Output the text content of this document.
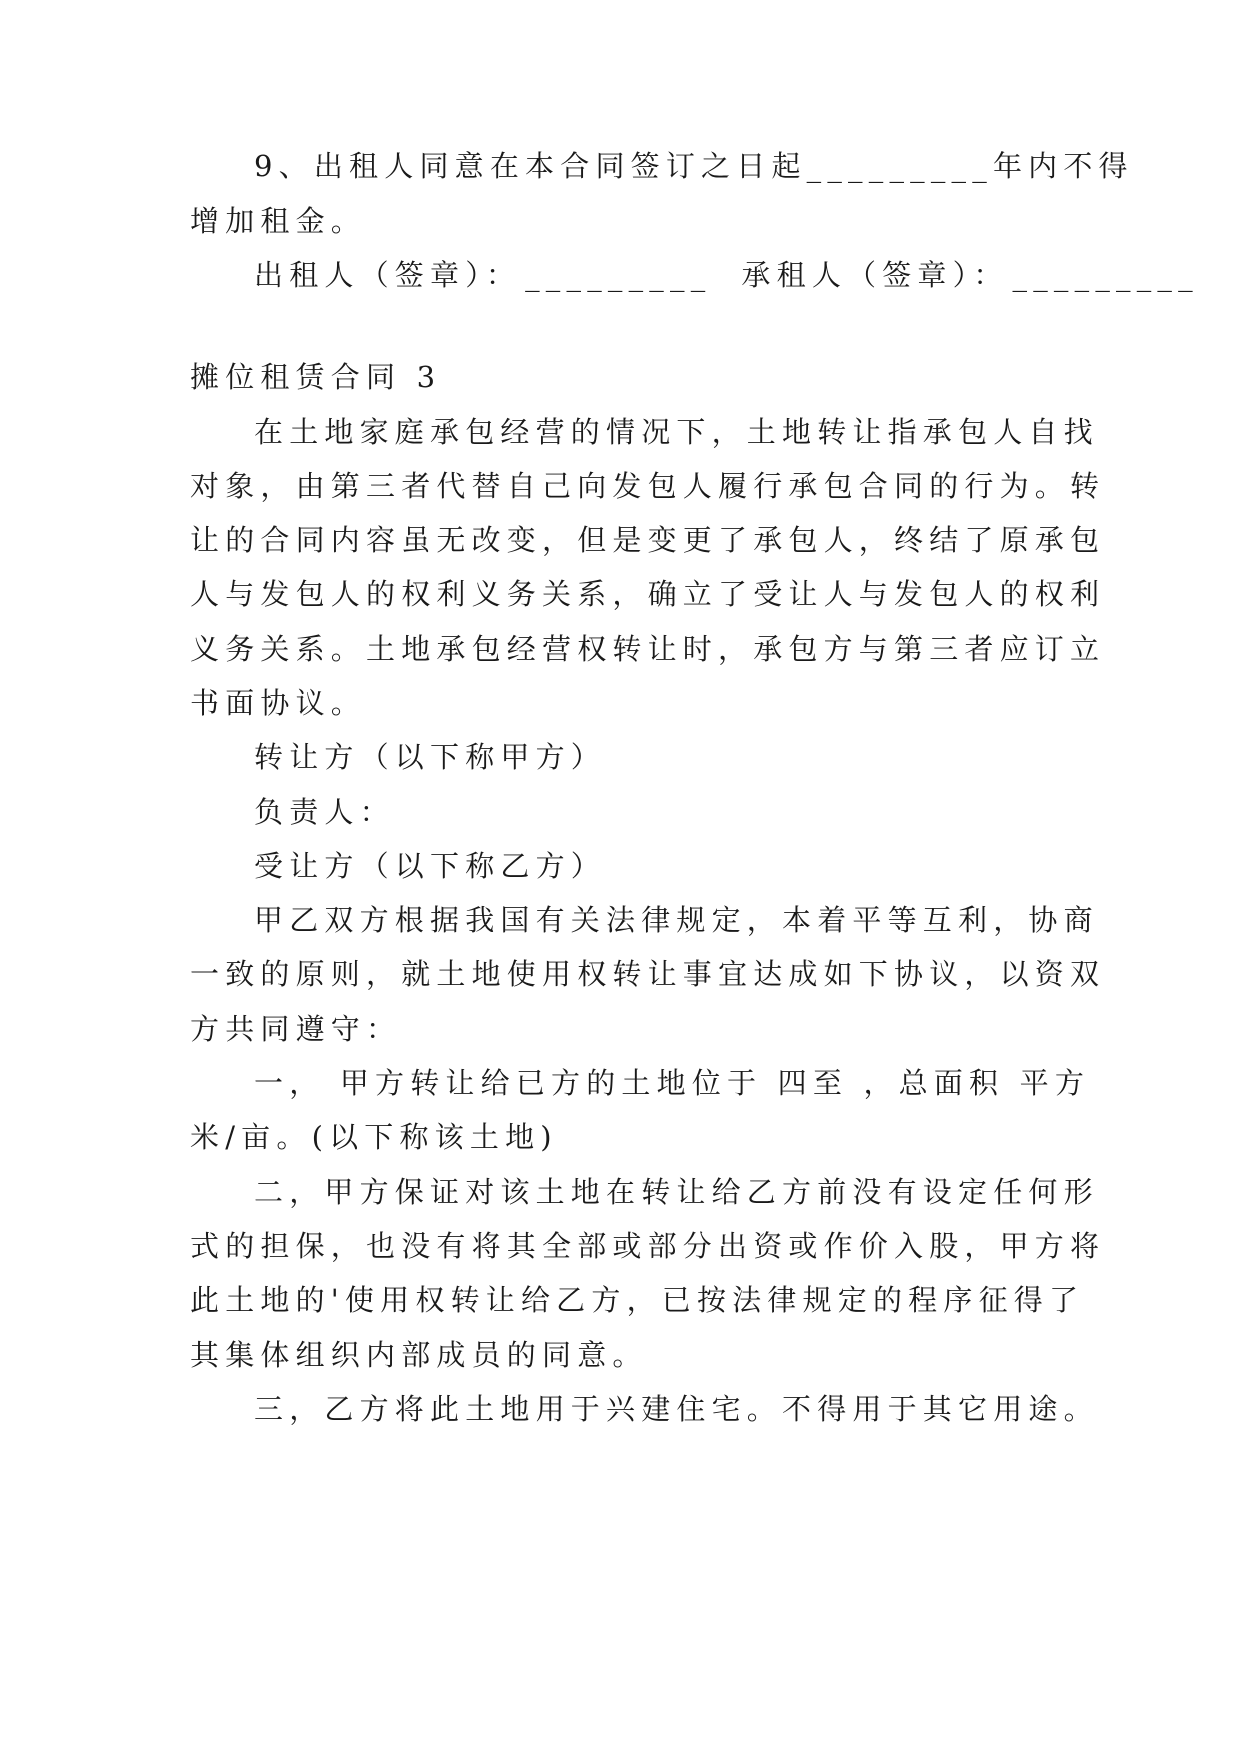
9、出租人同意在本合同签订之日起_________年内不得
增加租金。
出租人（签章）： _________ 承租人（签章）： _________
摊位租赁合同 3
在土地家庭承包经营的情况下，土地转让指承包人自找
对象，由第三者代替自己向发包人履行承包合同的行为。转
让的合同内容虽无改变，但是变更了承包人，终结了原承包
人与发包人的权利义务关系，确立了受让人与发包人的权利
义务关系。土地承包经营权转让时，承包方与第三者应订立
书面协议。
转让方（以下称甲方）
负责人：
受让方（以下称乙方）
甲乙双方根据我国有关法律规定，本着平等互利，协商
一致的原则，就土地使用权转让事宜达成如下协议，以资双
方共同遵守：
一， 甲方转让给已方的土地位于 四至 ，总面积 平方
米/亩。(以下称该土地)
二，甲方保证对该土地在转让给乙方前没有设定任何形
式的担保，也没有将其全部或部分出资或作价入股，甲方将
此土地的'使用权转让给乙方，已按法律规定的程序征得了
其集体组织内部成员的同意。
三，乙方将此土地用于兴建住宅。不得用于其它用途。
